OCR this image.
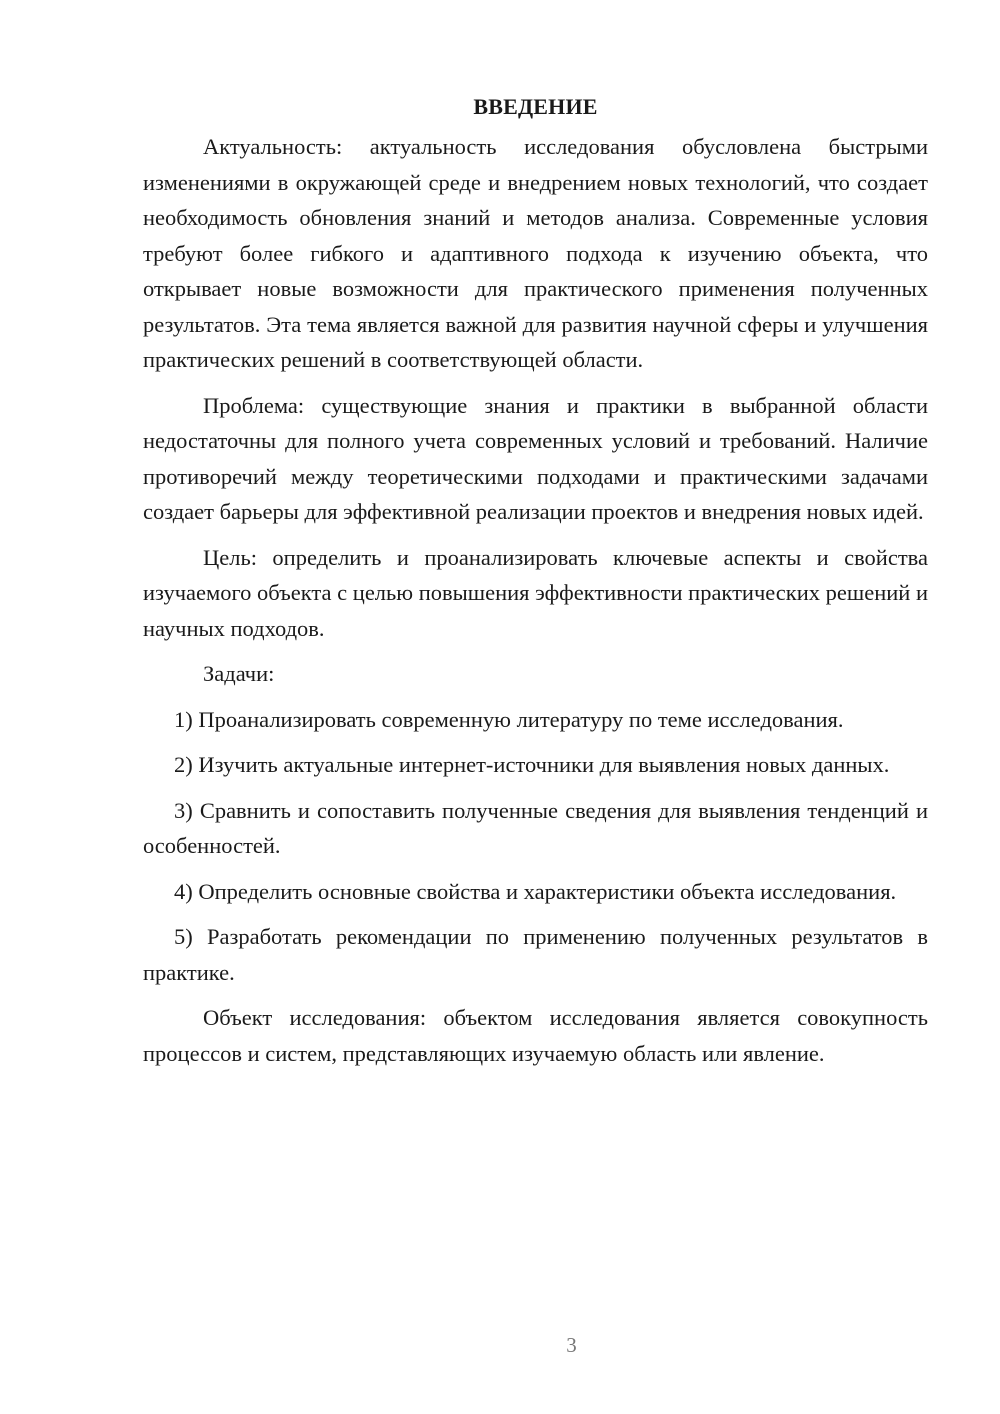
ВВЕДЕНИЕ

Актуальность: актуальность исследования обусловлена быстрыми изменениями в окружающей среде и внедрением новых технологий, что создает необходимость обновления знаний и методов анализа. Современные условия требуют более гибкого и адаптивного подхода к изучению объекта, что открывает новые возможности для практического применения полученных результатов. Эта тема является важной для развития научной сферы и улучшения практических решений в соответствующей области.

Проблема: существующие знания и практики в выбранной области недостаточны для полного учета современных условий и требований. Наличие противоречий между теоретическими подходами и практическими задачами создает барьеры для эффективной реализации проектов и внедрения новых идей.

Цель: определить и проанализировать ключевые аспекты и свойства изучаемого объекта с целью повышения эффективности практических решений и научных подходов.

Задачи:

1) Проанализировать современную литературу по теме исследования.

2) Изучить актуальные интернет-источники для выявления новых данных.

3) Сравнить и сопоставить полученные сведения для выявления тенденций и особенностей.

4) Определить основные свойства и характеристики объекта исследования.

5) Разработать рекомендации по применению полученных результатов в практике.

Объект исследования: объектом исследования является совокупность процессов и систем, представляющих изучаемую область или явление.

3
